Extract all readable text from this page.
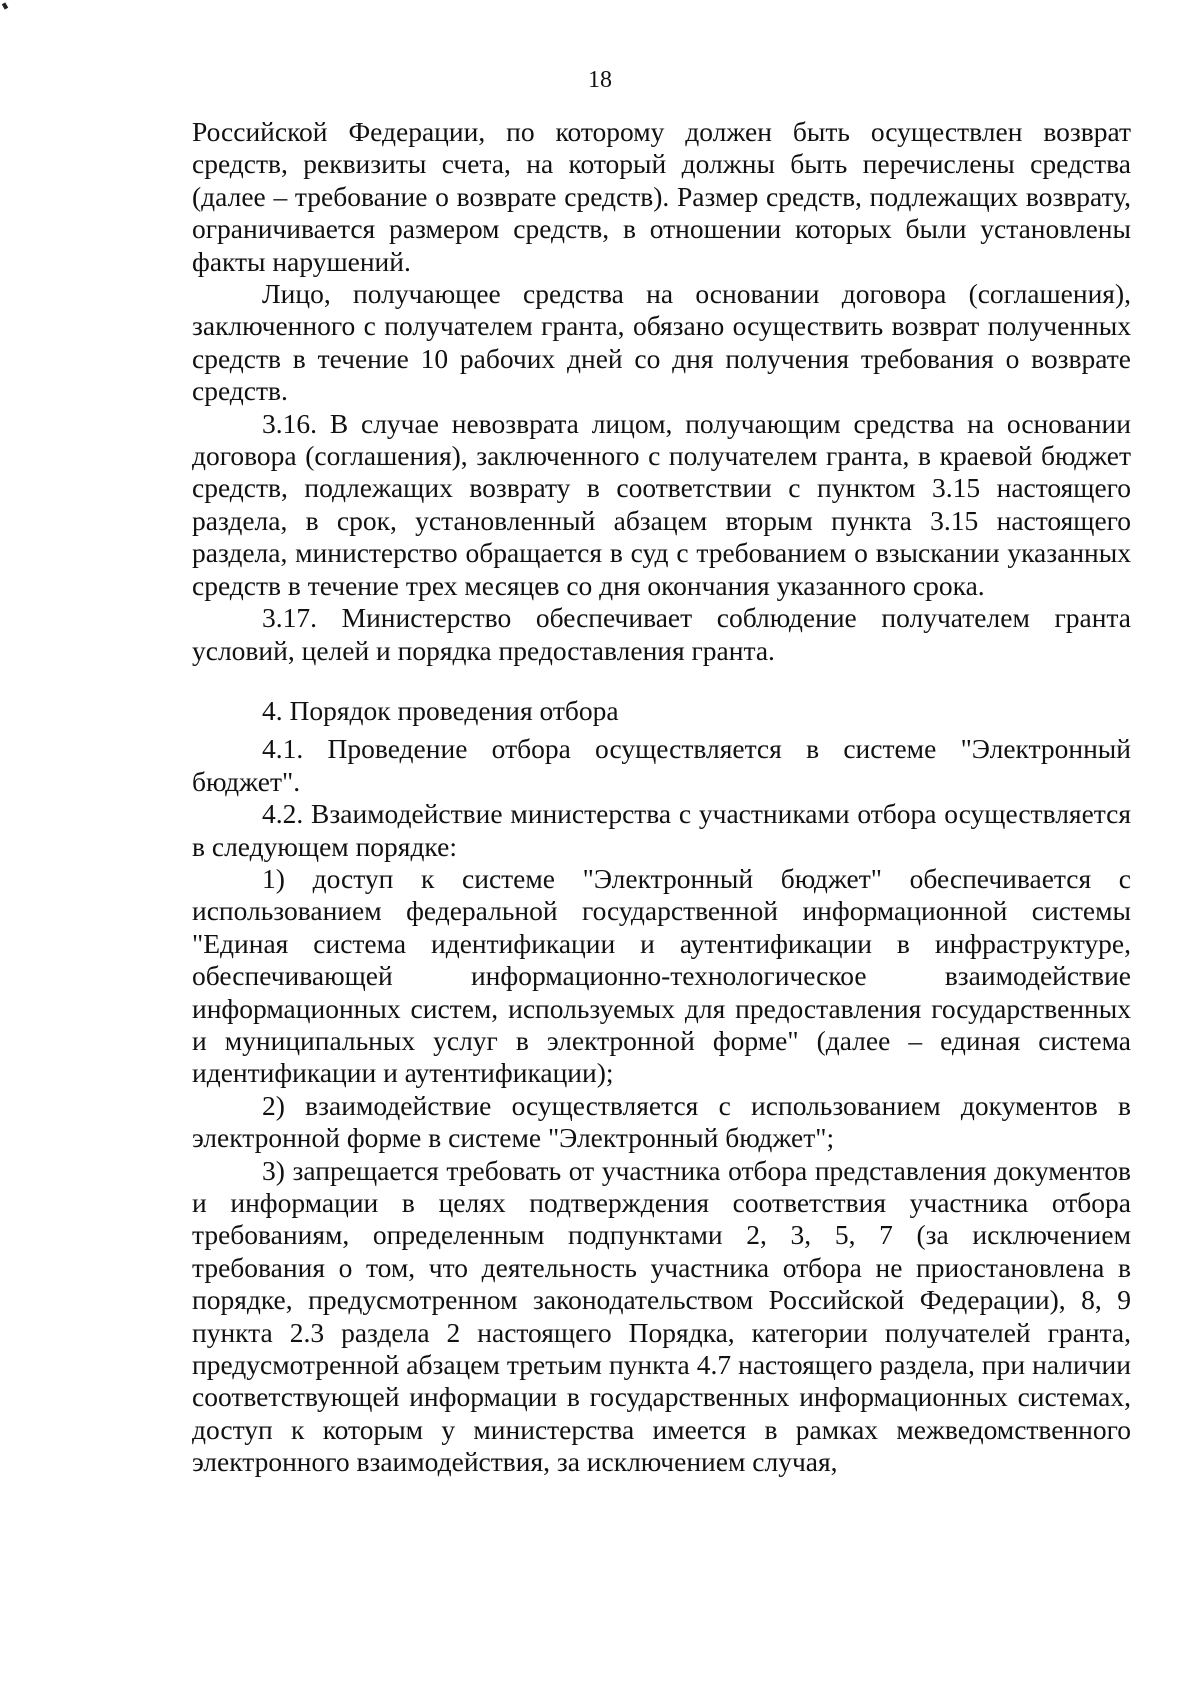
18

Российской Федерации, по которому должен быть осуществлен возврат средств, реквизиты счета, на который должны быть перечислены средства (далее – требование о возврате средств). Размер средств, подлежащих возврату, ограничивается размером средств, в отношении которых были установлены факты нарушений.

Лицо, получающее средства на основании договора (соглашения), заключенного с получателем гранта, обязано осуществить возврат полученных средств в течение 10 рабочих дней со дня получения требования о возврате средств.

3.16. В случае невозврата лицом, получающим средства на основании договора (соглашения), заключенного с получателем гранта, в краевой бюджет средств, подлежащих возврату в соответствии с пунктом 3.15 настоящего раздела, в срок, установленный абзацем вторым пункта 3.15 настоящего раздела, министерство обращается в суд с требованием о взыскании указанных средств в течение трех месяцев со дня окончания указанного срока.

3.17. Министерство обеспечивает соблюдение получателем гранта условий, целей и порядка предоставления гранта.

4. Порядок проведения отбора

4.1. Проведение отбора осуществляется в системе "Электронный бюджет".

4.2. Взаимодействие министерства с участниками отбора осуществляется в следующем порядке:

1) доступ к системе "Электронный бюджет" обеспечивается с использованием федеральной государственной информационной системы "Единая система идентификации и аутентификации в инфраструктуре, обеспечивающей информационно-технологическое взаимодействие информационных систем, используемых для предоставления государственных и муниципальных услуг в электронной форме" (далее – единая система идентификации и аутентификации);

2) взаимодействие осуществляется с использованием документов в электронной форме в системе "Электронный бюджет";

3) запрещается требовать от участника отбора представления документов и информации в целях подтверждения соответствия участника отбора требованиям, определенным подпунктами 2, 3, 5, 7 (за исключением требования о том, что деятельность участника отбора не приостановлена в порядке, предусмотренном законодательством Российской Федерации), 8, 9 пункта 2.3 раздела 2 настоящего Порядка, категории получателей гранта, предусмотренной абзацем третьим пункта 4.7 настоящего раздела, при наличии соответствующей информации в государственных информационных системах, доступ к которым у министерства имеется в рамках межведомственного электронного взаимодействия, за исключением случая,
